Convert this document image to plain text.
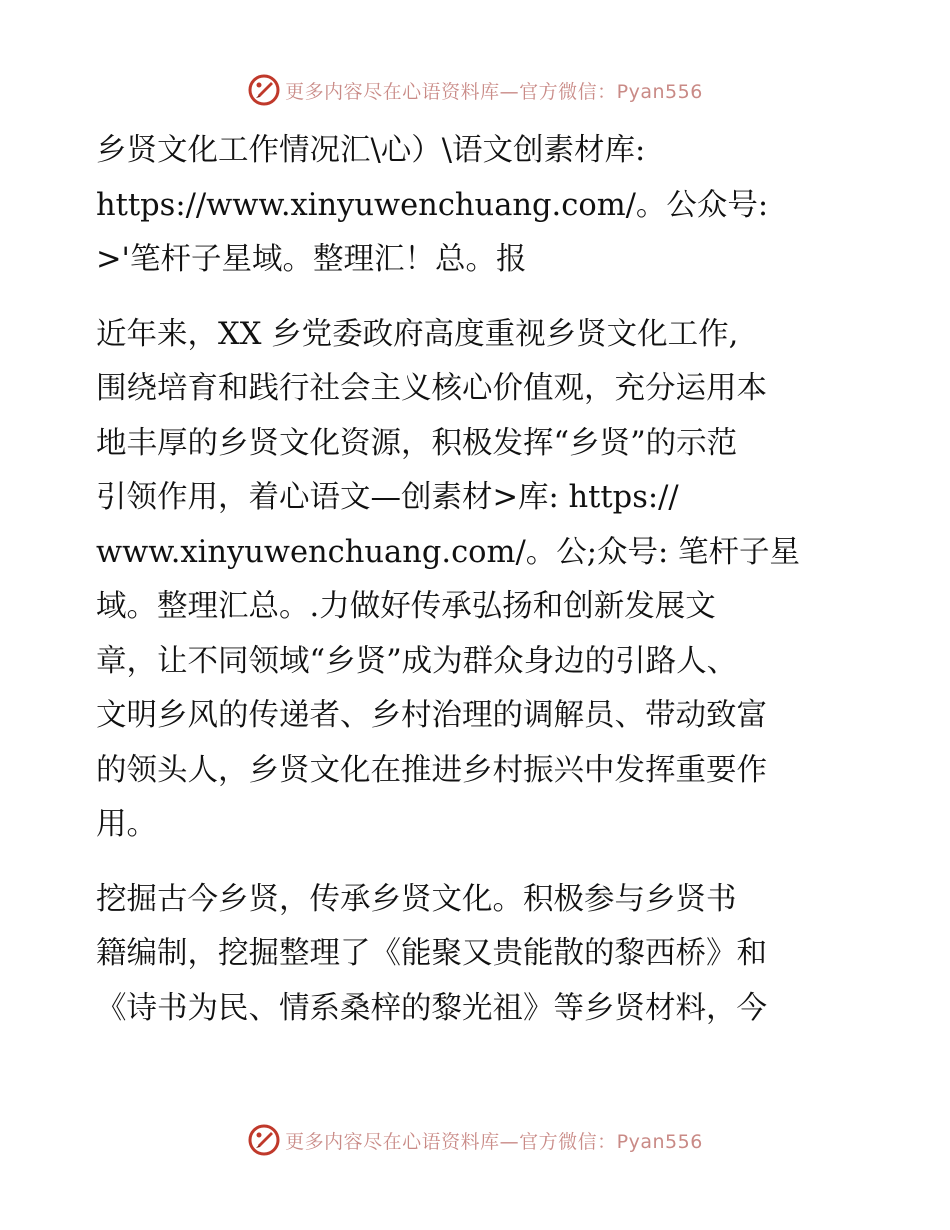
更多内容尽在心语资料库—官方微信：Pyan556
乡贤文化工作情况汇\心）\语文创素材库:
https://www.xinyuwenchuang.com/。公众号:
>'笔杆子星域。整理汇！总。报
近年来，XX 乡党委政府高度重视乡贤文化工作,
围绕培育和践行社会主义核心价值观，充分运用本
地丰厚的乡贤文化资源，积极发挥“乡贤”的示范
引领作用，着心语文—创素材>库: https://
www.xinyuwenchuang.com/。公;众号: 笔杆子星
域。整理汇总。.力做好传承弘扬和创新发展文
章，让不同领域“乡贤”成为群众身边的引路人、
文明乡风的传递者、乡村治理的调解员、带动致富
的领头人，乡贤文化在推进乡村振兴中发挥重要作
用。
挖掘古今乡贤，传承乡贤文化。积极参与乡贤书
籍编制，挖掘整理了《能聚又贵能散的黎西桥》和
《诗书为民、情系桑梓的黎光祖》等乡贤材料，今
更多内容尽在心语资料库—官方微信：Pyan556
